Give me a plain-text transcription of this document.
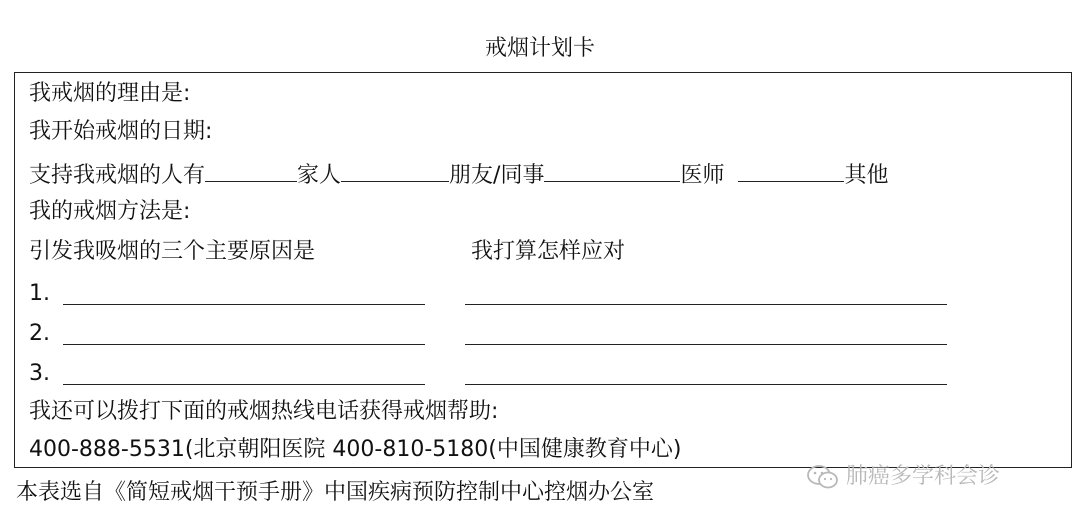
戒烟计划卡
我戒烟的理由是:
我开始戒烟的日期:
支持我戒烟的人有	家人	朋友/同事	医师	其他
我的戒烟方法是:
引发我吸烟的三个主要原因是	我打算怎样应对
1.
2.
3.
我还可以拨打下面的戒烟热线电话获得戒烟帮助:
400-888-5531(北京朝阳医院 400-810-5180(中国健康教育中心)
本表选自《简短戒烟干预手册》中国疾病预防控制中心控烟办公室
肺癌多学科会诊
